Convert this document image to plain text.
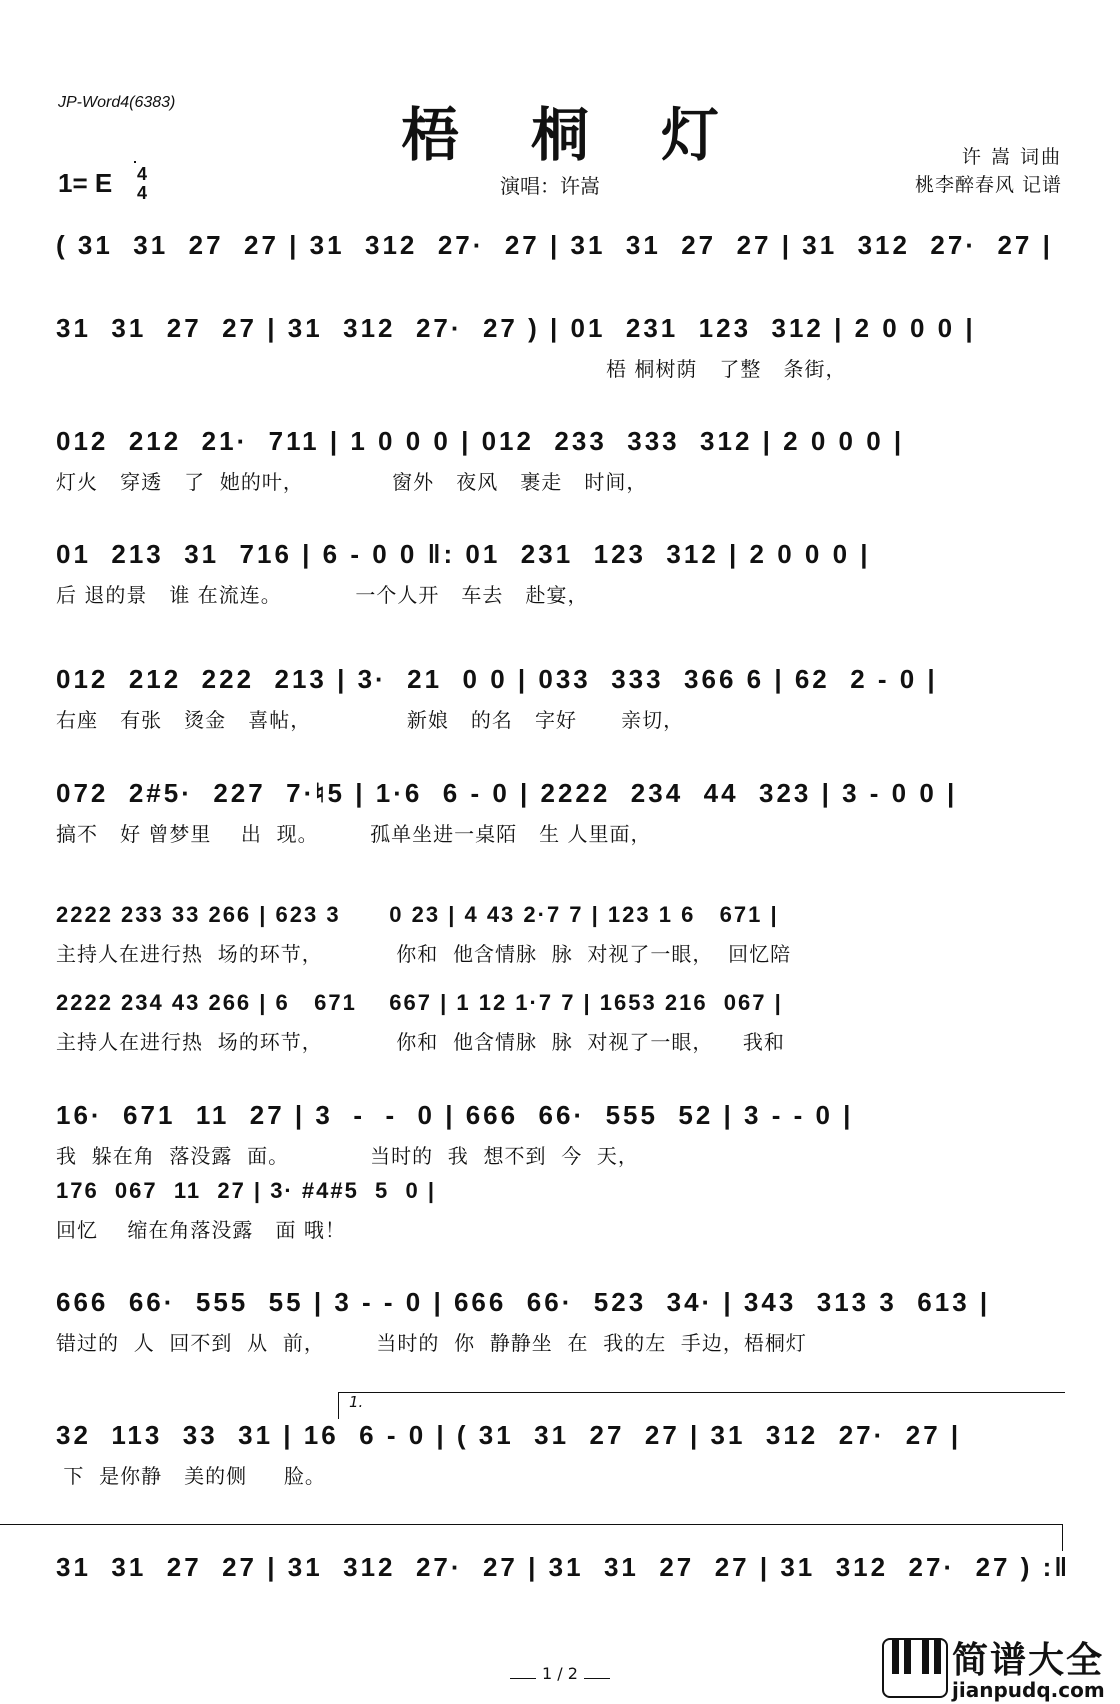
JP-Word4(6383)	梧桐灯
1= E 4
4	演唱：许嵩
许 嵩 词曲
桃李醉春风 记谱
( 31  31  27  27 | 31  312  27·  27 | 31  31  27  27 | 31  312  27·  27 |
31  31  27  27 | 31  312  27·  27 ) | 01  231  123  312 | 2 0 0 0 |
梧 桐树荫   了整   条街，
012  212  21·  711 | 1 0 0 0 | 012  233  333  312 | 2 0 0 0 |
灯火   穿透   了  她的叶，            窗外   夜风   裹走   时间，
01  213  31  716 | 6 - 0 0 ‖: 01  231  123  312 | 2 0 0 0 |
后 退的景   谁 在流连。          一个人开   车去   赴宴，
012  212  222  213 | 3·  21  0 0 | 033  333  366 6 | 62  2 - 0 |
右座   有张   烫金   喜帖，             新娘   的名   字好      亲切，
072  2#5·  227  7·♮5 | 1·6  6 - 0 | 2222  234  44  323 | 3 - 0 0 |
搞不   好 曾梦里    出  现。       孤单坐进一桌陌   生 人里面，
2222 233 33 266 | 623 3      0 23 | 4 43 2·7 7 | 123 1 6   671 |
主持人在进行热  场的环节，          你和  他含情脉  脉  对视了一眼，  回忆陪
2222 234 43 266 | 6   671    667 | 1 12 1·7 7 | 1653 216  067 |
主持人在进行热  场的环节，          你和  他含情脉  脉  对视了一眼，    我和
16·  671  11  27 | 3  -  -  0 | 666  66·  555  52 | 3 - - 0 |
我  躲在角  落没露  面。           当时的  我  想不到  今  天，
176  067  11  27 | 3· #4#5  5  0 |
回忆    缩在角落没露   面 哦！
666  66·  555  55 | 3 - - 0 | 666  66·  523  34· | 343  313 3  613 |
错过的  人  回不到  从  前，       当时的  你  静静坐  在  我的左  手边，梧桐灯
1.
32  113  33  31 | 16  6 - 0 | ( 31  31  27  27 | 31  312  27·  27 |
下  是你静   美的侧     脸。
31  31  27  27 | 31  312  27·  27 | 31  31  27  27 | 31  312  27·  27 ) :‖
1 / 2	简谱大全
jianpudq.com
